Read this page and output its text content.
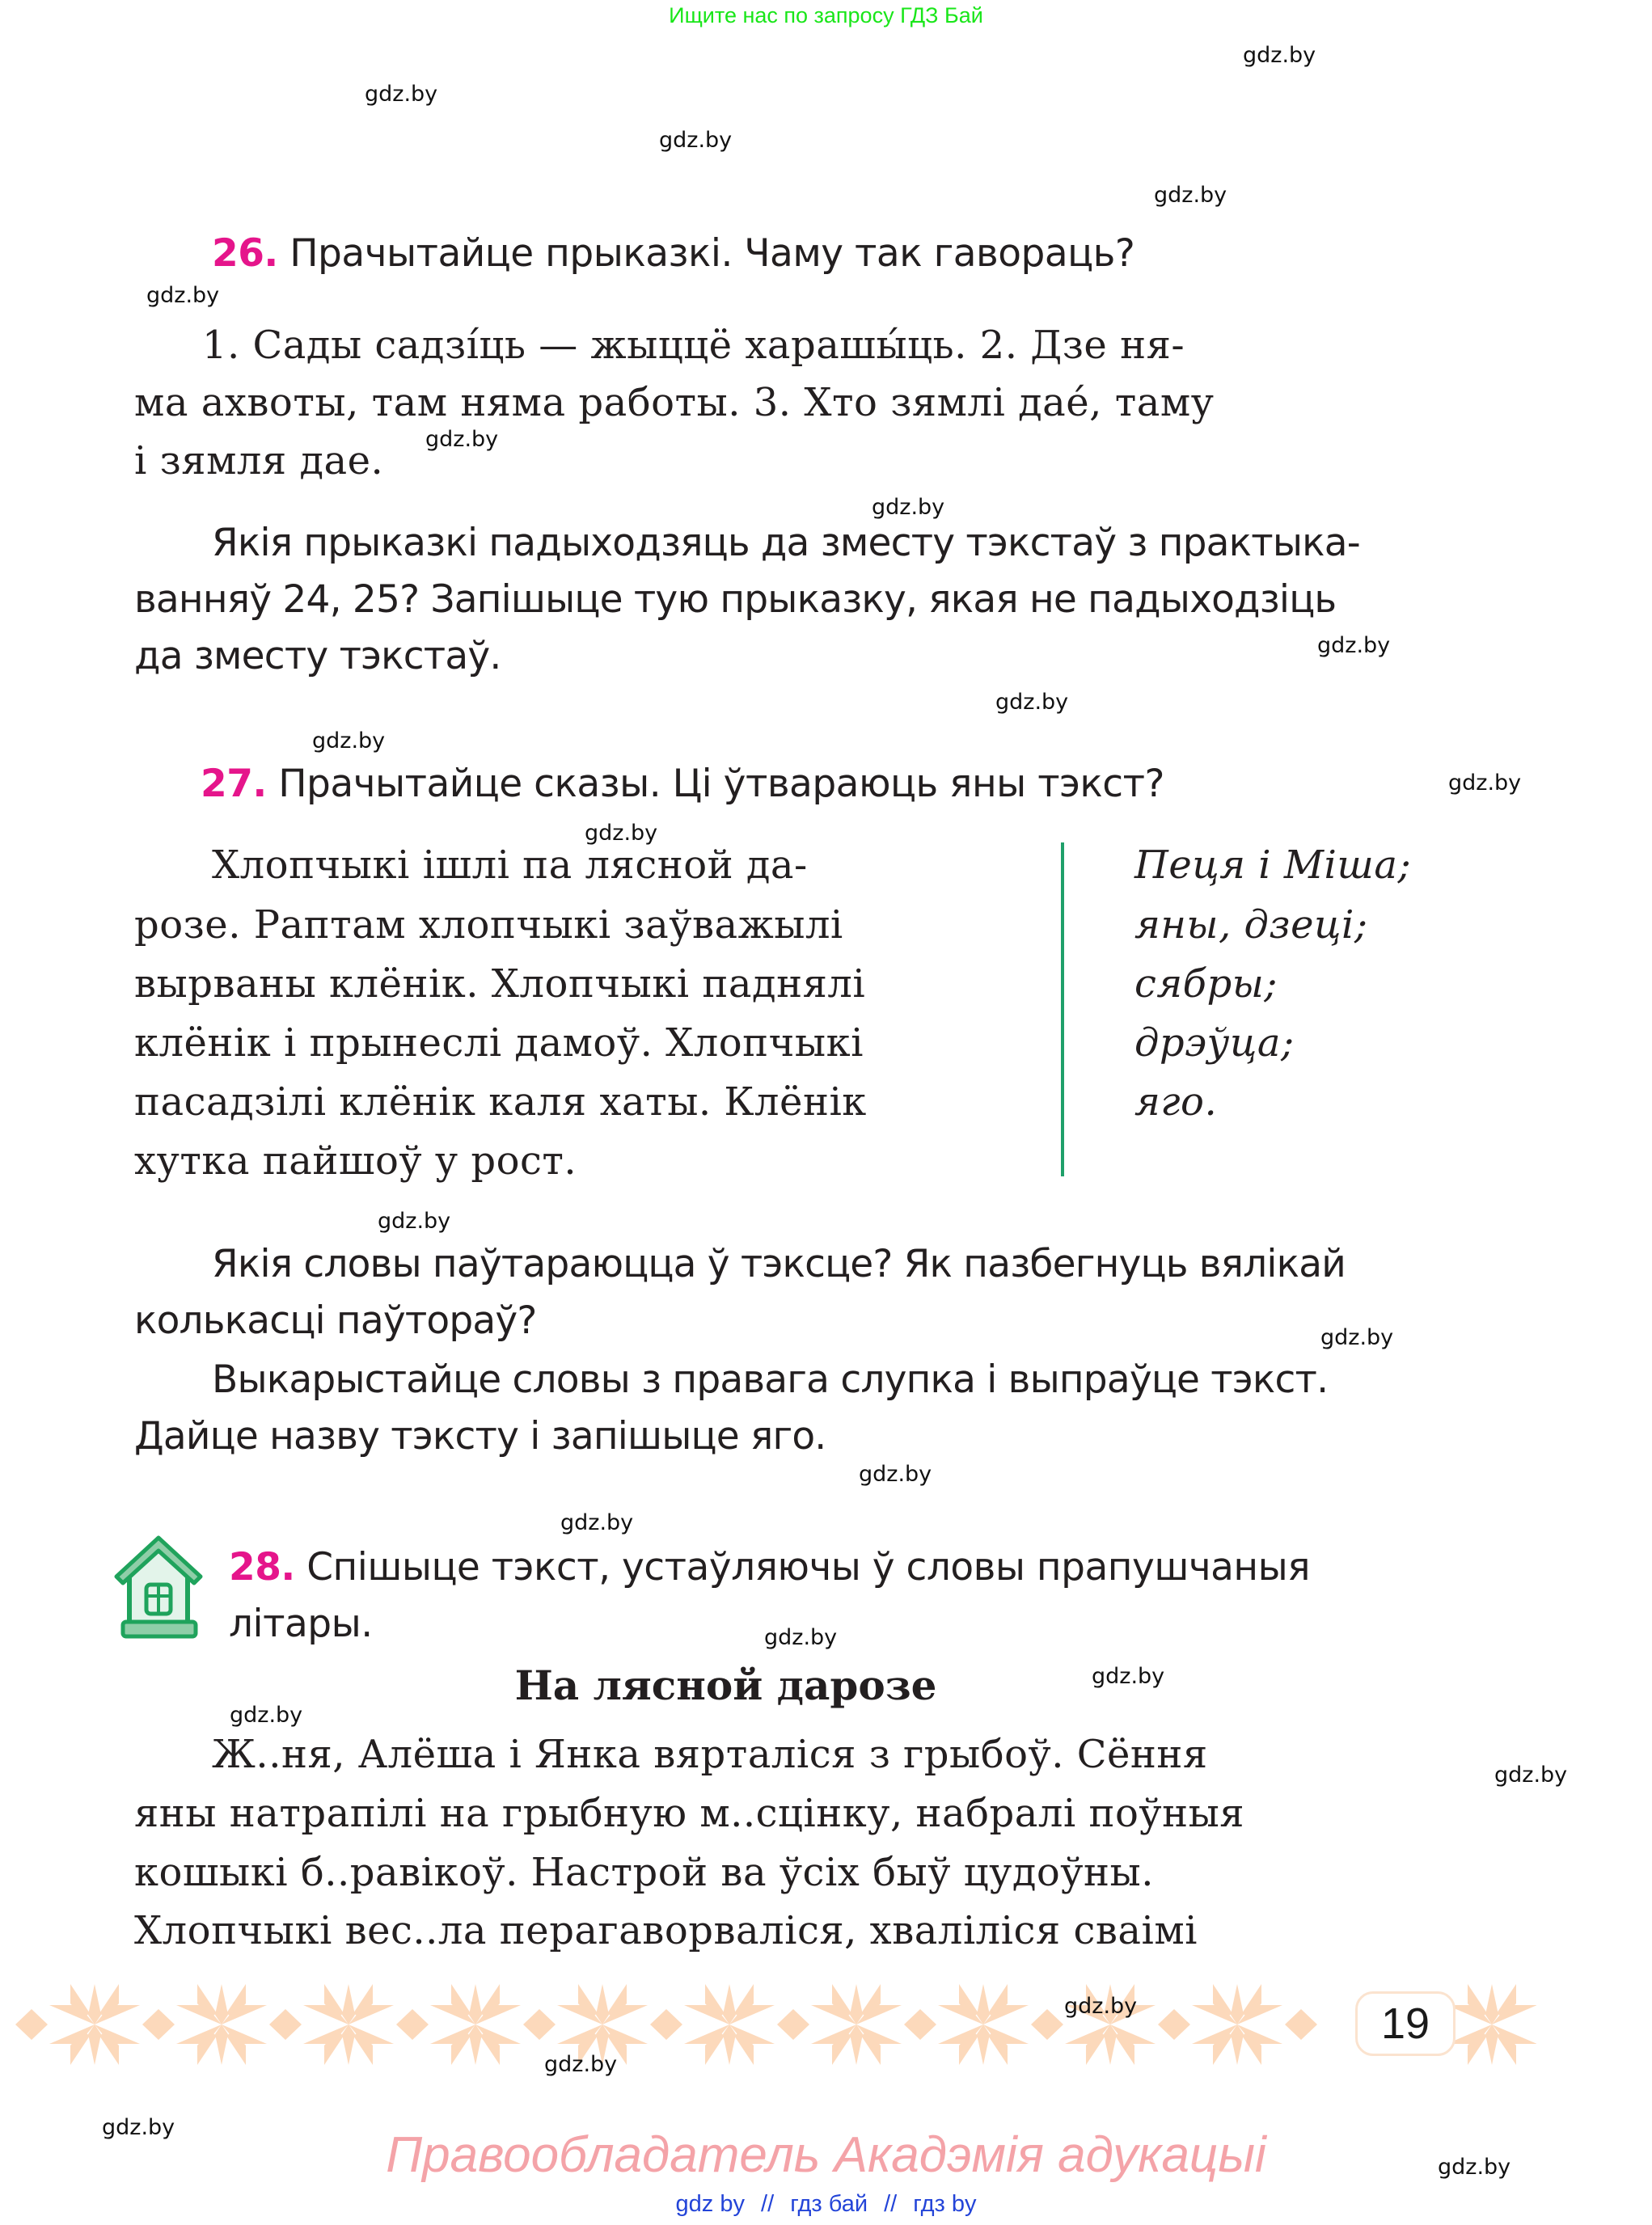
Ищите нас по запросу ГДЗ Бай
26. Прачытайце прыказкі. Чаму так гавораць?
1. Сады садзíць — жыццё харашы́ць. 2. Дзе ня-
ма ахвоты, там няма работы. 3. Хто зямлі дае́, таму
і зямля дае.
Якія прыказкі падыходзяць да зместу тэкстаў з практыка-
ванняў 24, 25? Запішыце тую прыказку, якая не падыходзіць
да зместу тэкстаў.
27. Прачытайце сказы. Ці ўтвараюць яны тэкст?
Хлопчыкі ішлі па лясной да-
розе. Раптам хлопчыкі заўважылі
вырваны клёнік. Хлопчыкі паднялі
клёнік і прынеслі дамоў. Хлопчыкі
пасадзілі клёнік каля хаты. Клёнік
хутка пайшоў у рост.
Пеця і Міша;
яны, дзеці;
сябры;
дрэўца;
яго.
Якія словы паўтараюцца ў тэксце? Як пазбегнуць вялікай
колькасці паўтораў?
Выкарыстайце словы з правага слупка і выпраўце тэкст.
Дайце назву тэксту і запішыце яго.
28. Спішыце тэкст, устаўляючы ў словы прапушчаныя
літары.
На лясной дарозе
Ж..ня, Алёша і Янка вярталіся з грыбоў. Сёння
яны натрапілі на грыбную м..сцінку, набралі поўныя
кошыкі б..равікоў. Настрой ва ўсіх быў цудоўны.
Хлопчыкі вес..ла перагаворваліся, хваліліся сваімі
19
Правообладатель Акадэмія адукацыі
gdz by // гдз бай // гдз by
gdz.by
gdz.by
gdz.by
gdz.by
gdz.by
gdz.by
gdz.by
gdz.by
gdz.by
gdz.by
gdz.by
gdz.by
gdz.by
gdz.by
gdz.by
gdz.by
gdz.by
gdz.by
gdz.by
gdz.by
gdz.by
gdz.by
gdz.by
gdz.by
